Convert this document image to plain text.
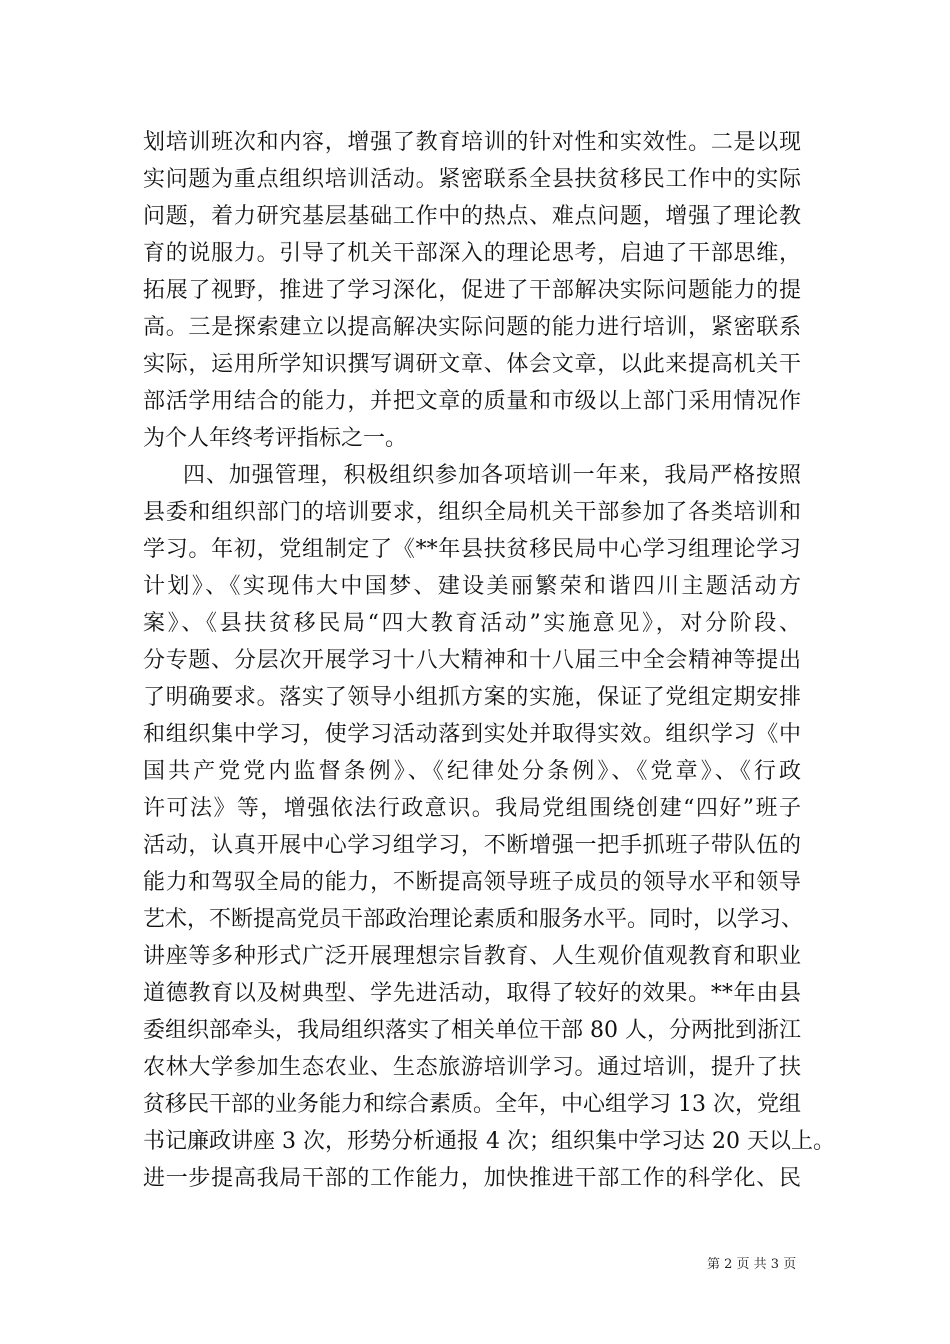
划培训班次和内容，增强了教育培训的针对性和实效性。二是以现
实问题为重点组织培训活动。紧密联系全县扶贫移民工作中的实际
问题，着力研究基层基础工作中的热点、难点问题，增强了理论教
育的说服力。引导了机关干部深入的理论思考，启迪了干部思维，
拓展了视野，推进了学习深化，促进了干部解决实际问题能力的提
高。三是探索建立以提高解决实际问题的能力进行培训，紧密联系
实际，运用所学知识撰写调研文章、体会文章，以此来提高机关干
部活学用结合的能力，并把文章的质量和市级以上部门采用情况作
为个人年终考评指标之一。
四、加强管理，积极组织参加各项培训一年来，我局严格按照
县委和组织部门的培训要求，组织全局机关干部参加了各类培训和
学习。年初，党组制定了《**年县扶贫移民局中心学习组理论学习
计划》、《实现伟大中国梦、建设美丽繁荣和谐四川主题活动方
案》、《县扶贫移民局“四大教育活动”实施意见》，对分阶段、
分专题、分层次开展学习十八大精神和十八届三中全会精神等提出
了明确要求。落实了领导小组抓方案的实施，保证了党组定期安排
和组织集中学习，使学习活动落到实处并取得实效。组织学习《中
国共产党党内监督条例》、《纪律处分条例》、《党章》、《行政
许可法》等，增强依法行政意识。我局党组围绕创建“四好”班子
活动，认真开展中心学习组学习，不断增强一把手抓班子带队伍的
能力和驾驭全局的能力，不断提高领导班子成员的领导水平和领导
艺术，不断提高党员干部政治理论素质和服务水平。同时，以学习、
讲座等多种形式广泛开展理想宗旨教育、人生观价值观教育和职业
道德教育以及树典型、学先进活动，取得了较好的效果。**年由县
委组织部牵头，我局组织落实了相关单位干部 80 人，分两批到浙江
农林大学参加生态农业、生态旅游培训学习。通过培训，提升了扶
贫移民干部的业务能力和综合素质。全年，中心组学习 13 次，党组
书记廉政讲座 3 次，形势分析通报 4 次；组织集中学习达 20 天以上。
进一步提高我局干部的工作能力，加快推进干部工作的科学化、民
第 2 页 共 3 页
